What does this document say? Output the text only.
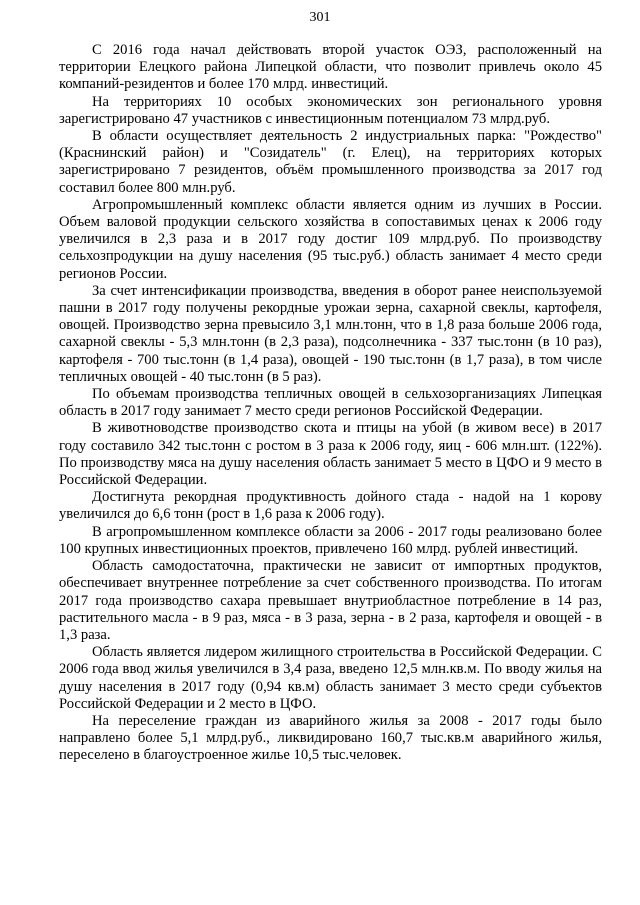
301

С 2016 года начал действовать второй участок ОЭЗ, расположенный на территории Елецкого района Липецкой области, что позволит привлечь около 45 компаний-резидентов и более 170 млрд. инвестиций.

На территориях 10 особых экономических зон регионального уровня зарегистрировано 47 участников с инвестиционным потенциалом 73 млрд.руб.

В области осуществляет деятельность 2 индустриальных парка: "Рождество" (Краснинский район) и "Созидатель" (г. Елец), на территориях которых зарегистрировано 7 резидентов, объём промышленного производства за 2017 год составил более 800 млн.руб.

Агропромышленный комплекс области является одним из лучших в России. Объем валовой продукции сельского хозяйства в сопоставимых ценах к 2006 году увеличился в 2,3 раза и в 2017 году достиг 109 млрд.руб. По производству сельхозпродукции на душу населения (95 тыс.руб.) область занимает 4 место среди регионов России.

За счет интенсификации производства, введения в оборот ранее неиспользуемой пашни в 2017 году получены рекордные урожаи зерна, сахарной свеклы, картофеля, овощей. Производство зерна превысило 3,1 млн.тонн, что в 1,8 раза больше 2006 года, сахарной свеклы - 5,3 млн.тонн (в 2,3 раза), подсолнечника - 337 тыс.тонн (в 10 раз), картофеля - 700 тыс.тонн (в 1,4 раза), овощей - 190 тыс.тонн (в 1,7 раза), в том числе тепличных овощей - 40 тыс.тонн (в 5 раз).

По объемам производства тепличных овощей в сельхозорганизациях Липецкая область в 2017 году занимает 7 место среди регионов Российской Федерации.

В животноводстве производство скота и птицы на убой (в живом весе) в 2017 году составило 342 тыс.тонн с ростом в 3 раза к 2006 году, яиц - 606 млн.шт. (122%). По производству мяса на душу населения область занимает 5 место в ЦФО и 9 место в Российской Федерации.

Достигнута рекордная продуктивность дойного стада - надой на 1 корову увеличился до 6,6 тонн (рост в 1,6 раза к 2006 году).

В агропромышленном комплексе области за 2006 - 2017 годы реализовано более 100 крупных инвестиционных проектов, привлечено 160 млрд. рублей инвестиций.

Область самодостаточна, практически не зависит от импортных продуктов, обеспечивает внутреннее потребление за счет собственного производства. По итогам 2017 года производство сахара превышает внутриобластное потребление в 14 раз, растительного масла - в 9 раз, мяса - в 3 раза, зерна - в 2 раза, картофеля и овощей - в 1,3 раза.

Область является лидером жилищного строительства в Российской Федерации. С 2006 года ввод жилья увеличился в 3,4 раза, введено 12,5 млн.кв.м. По вводу жилья на душу населения в 2017 году (0,94 кв.м) область занимает 3 место среди субъектов Российской Федерации и 2 место в ЦФО.

На переселение граждан из аварийного жилья за 2008 - 2017 годы было направлено более 5,1 млрд.руб., ликвидировано 160,7 тыс.кв.м аварийного жилья, переселено в благоустроенное жилье 10,5 тыс.человек.
